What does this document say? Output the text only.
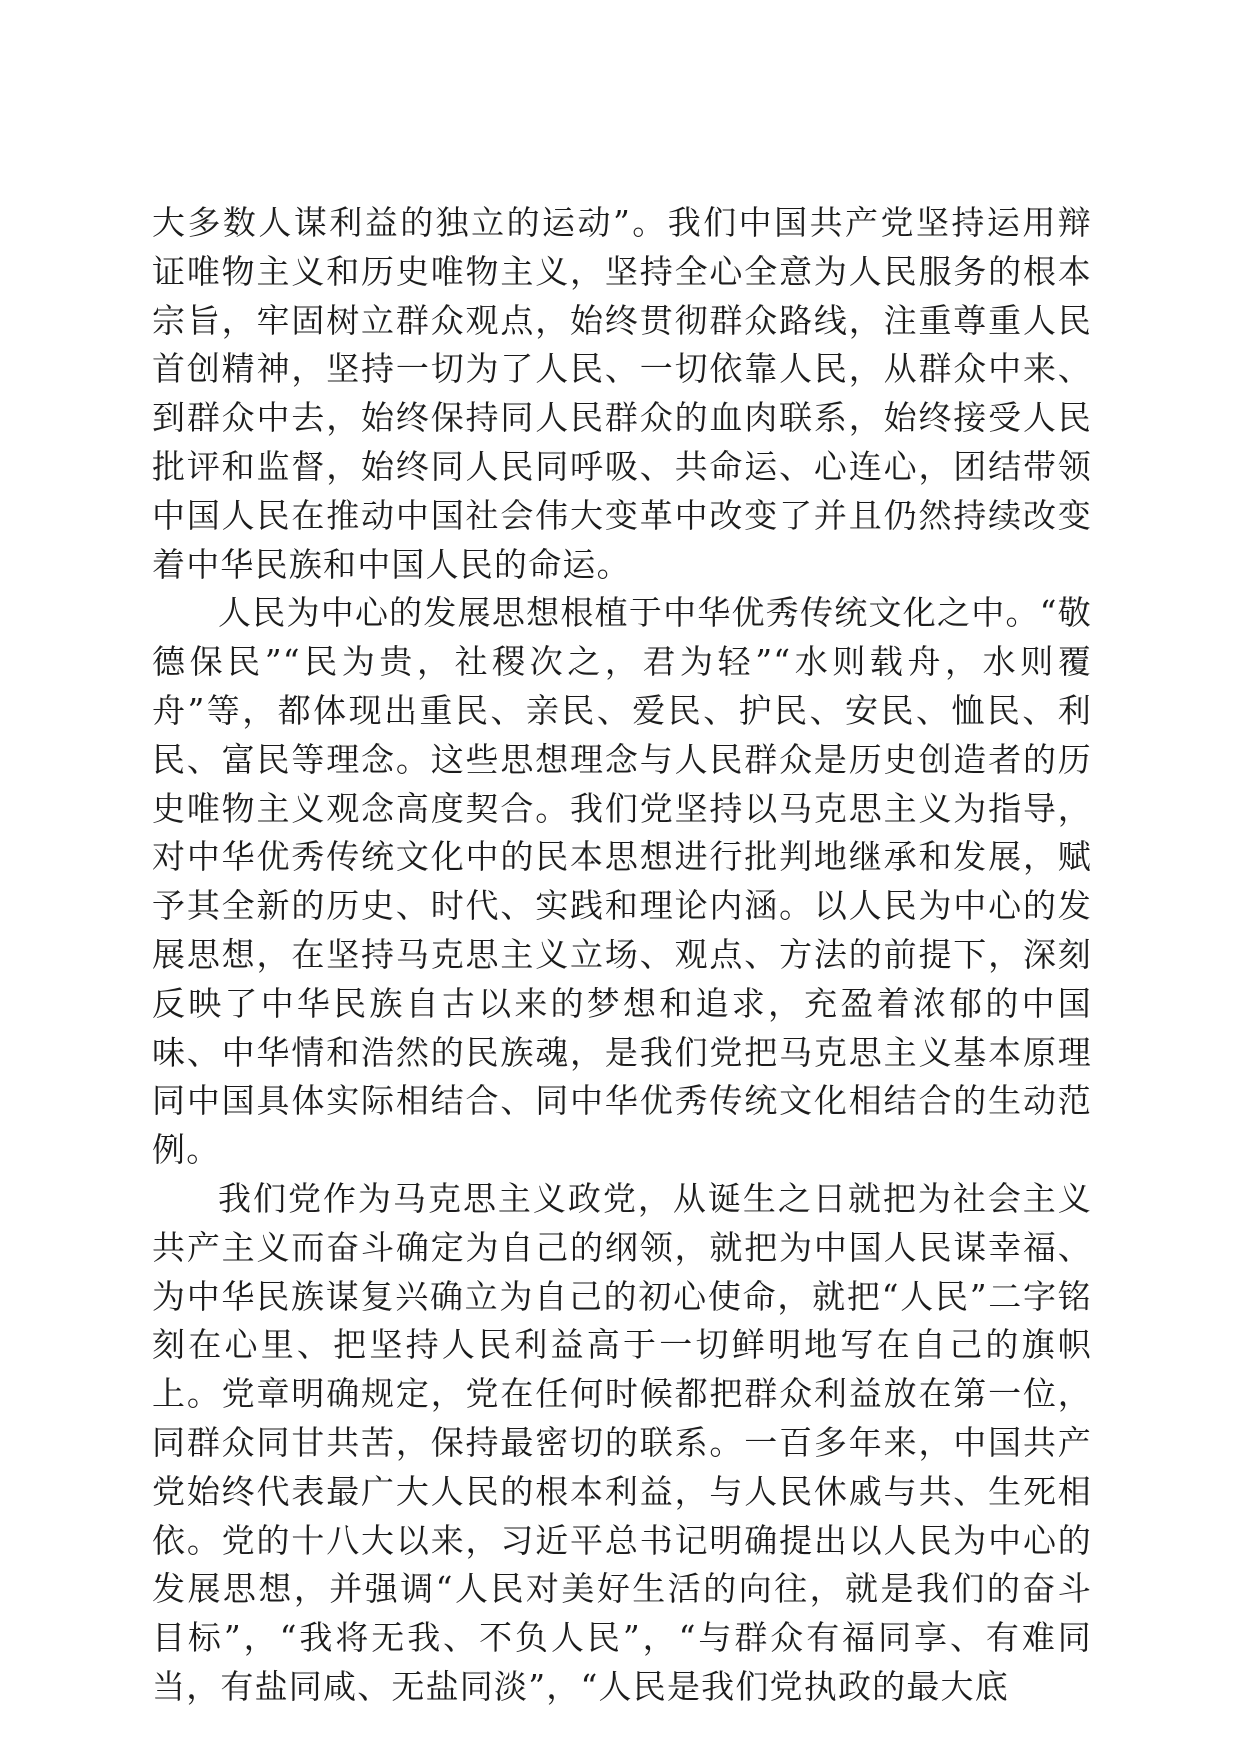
大多数人谋利益的独立的运动”。我们中国共产党坚持运用辩证唯物主义和历史唯物主义，坚持全心全意为人民服务的根本宗旨，牢固树立群众观点，始终贯彻群众路线，注重尊重人民首创精神，坚持一切为了人民、一切依靠人民，从群众中来、到群众中去，始终保持同人民群众的血肉联系，始终接受人民批评和监督，始终同人民同呼吸、共命运、心连心，团结带领中国人民在推动中国社会伟大变革中改变了并且仍然持续改变着中华民族和中国人民的命运。

人民为中心的发展思想根植于中华优秀传统文化之中。“敬德保民”“民为贵，社稷次之，君为轻”“水则载舟，水则覆舟”等，都体现出重民、亲民、爱民、护民、安民、恤民、利民、富民等理念。这些思想理念与人民群众是历史创造者的历史唯物主义观念高度契合。我们党坚持以马克思主义为指导，对中华优秀传统文化中的民本思想进行批判地继承和发展，赋予其全新的历史、时代、实践和理论内涵。以人民为中心的发展思想，在坚持马克思主义立场、观点、方法的前提下，深刻反映了中华民族自古以来的梦想和追求，充盈着浓郁的中国味、中华情和浩然的民族魂，是我们党把马克思主义基本原理同中国具体实际相结合、同中华优秀传统文化相结合的生动范例。

我们党作为马克思主义政党，从诞生之日就把为社会主义共产主义而奋斗确定为自己的纲领，就把为中国人民谋幸福、为中华民族谋复兴确立为自己的初心使命，就把“人民”二字铭刻在心里、把坚持人民利益高于一切鲜明地写在自己的旗帜上。党章明确规定，党在任何时候都把群众利益放在第一位，同群众同甘共苦，保持最密切的联系。一百多年来，中国共产党始终代表最广大人民的根本利益，与人民休戚与共、生死相依。党的十八大以来，习近平总书记明确提出以人民为中心的发展思想，并强调“人民对美好生活的向往，就是我们的奋斗目标”，“我将无我、不负人民”，“与群众有福同享、有难同当，有盐同咸、无盐同淡”，“人民是我们党执政的最大底
